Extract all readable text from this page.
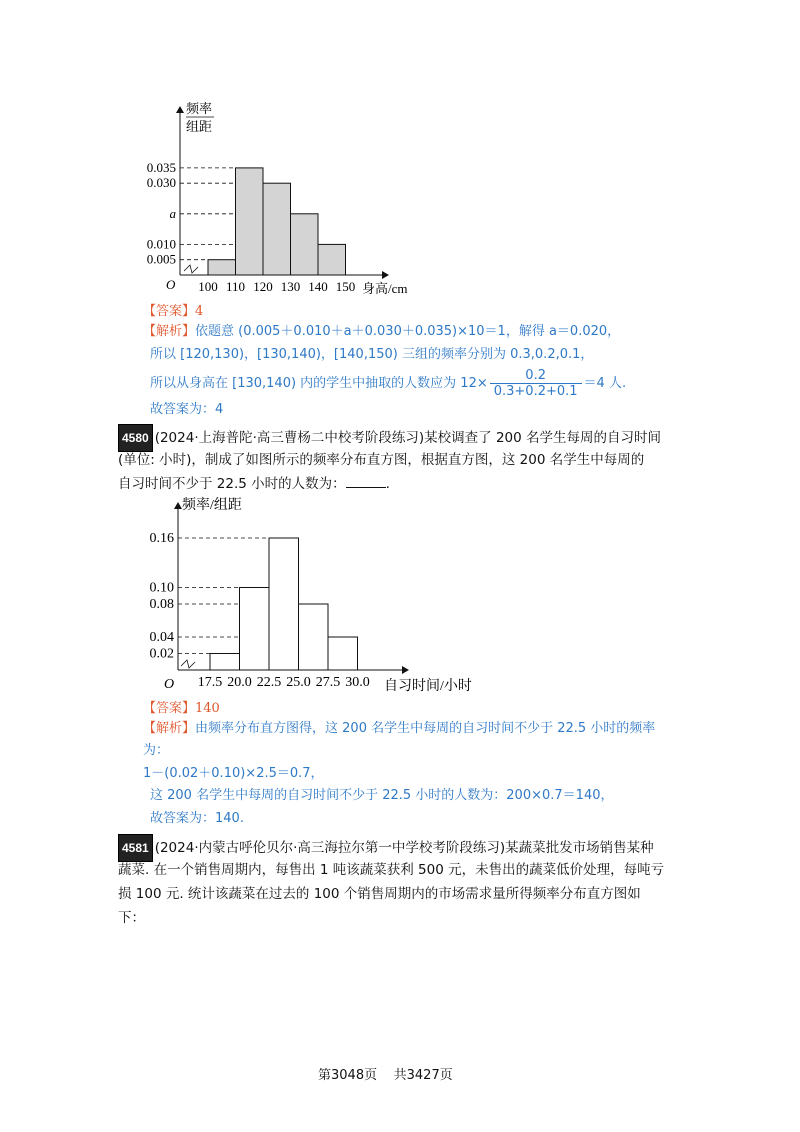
频率
组距
0.035
0.030
a
0.010
0.005
100 110 120 130 140 150
O	身高/cm
【答案】4
【解析】依题意 (0.005＋0.010＋a＋0.030＋0.035)×10＝1，解得 a＝0.020，
所以 [120,130)，[130,140)，[140,150) 三组的频率分别为 0.3,0.2,0.1，
所以从身高在 [130,140) 内的学生中抽取的人数应为 $12\times \frac{0.2}{0.3+0.2+0.1} =4$ 人.
故答案为：4
4580 (2024·上海普陀·高三曹杨二中校考阶段练习)某校调查了 200 名学生每周的自习时间
(单位: 小时)，制成了如图所示的频率分布直方图，根据直方图，这 200 名学生中每周的
自习时间不少于 22.5 小时的人数为：	.
频率/组距
0.16
0.10
0.08
0.04
0.02
17.5 20.0 22.5 25.0 27.5 30.0
O	自习时间/小时
【答案】140
【解析】由频率分布直方图得，这 200 名学生中每周的自习时间不少于 22.5 小时的频率
为：
1－(0.02＋0.10)×2.5＝0.7，
这 200 名学生中每周的自习时间不少于 22.5 小时的人数为：200×0.7＝140，
故答案为：140.
4581 (2024·内蒙古呼伦贝尔·高三海拉尔第一中学校考阶段练习)某蔬菜批发市场销售某种
蔬菜. 在一个销售周期内，每售出 1 吨该蔬菜获利 500 元，未售出的蔬菜低价处理，每吨亏
损 100 元. 统计该蔬菜在过去的 100 个销售周期内的市场需求量所得频率分布直方图如
下：
第3048页 共3427页
